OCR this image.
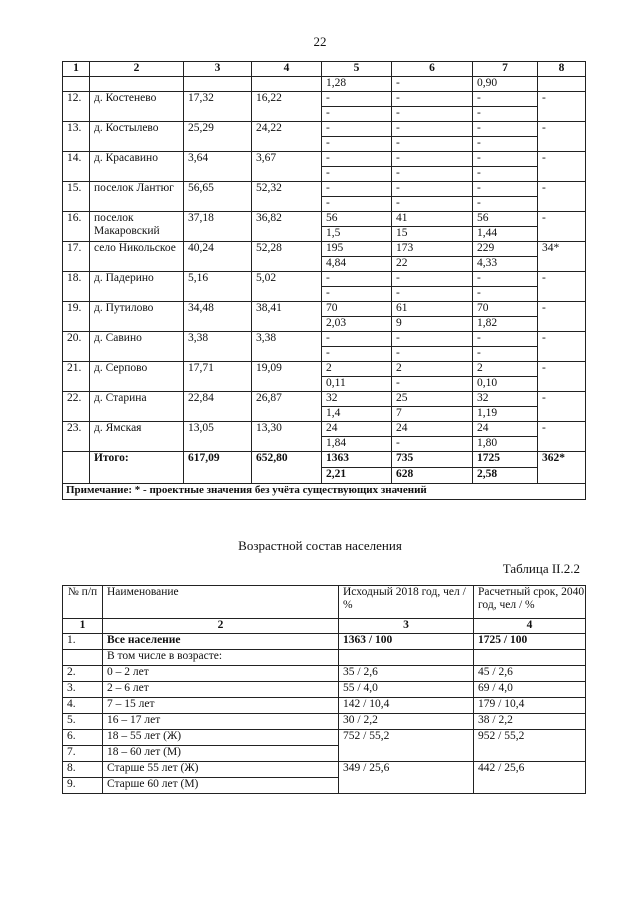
22
1	2	3	4	5	6	7	8
				1,28	-	0,90	
12.	д. Костенево	17,32	16,22	-	-	-	-
				-	-	-	
13.	д. Костылево	25,29	24,22	-	-	-	-
				-	-	-	
14.	д. Красавино	3,64	3,67	-	-	-	-
				-	-	-	
15.	поселок Лантюг	56,65	52,32	-	-	-	-
				-	-	-	
16.	поселок Макаровский	37,18	36,82	56	41	56	-
				1,5	15	1,44	
17.	село Никольское	40,24	52,28	195	173	229	34*
				4,84	22	4,33	
18.	д. Падерино	5,16	5,02	-	-	-	-
				-	-	-	
19.	д. Путилово	34,48	38,41	70	61	70	-
				2,03	9	1,82	
20.	д. Савино	3,38	3,38	-	-	-	-
				-	-	-	
21.	д. Серпово	17,71	19,09	2	2	2	-
				0,11	-	0,10	
22.	д. Старина	22,84	26,87	32	25	32	-
				1,4	7	1,19	
23.	д. Ямская	13,05	13,30	24	24	24	-
				1,84	-	1,80	
	Итого:	617,09	652,80	1363	735	1725	362*
				2,21	628	2,58	
Примечание: * - проектные значения без учёта существующих значений							
Возрастной состав населения
Таблица II.2.2
№ п/п	Наименование	Исходный 2018 год, чел / %	Расчетный срок, 2040 год, чел / %
1	2	3	4
1.	Все население	1363 / 100	1725 / 100
	В том числе в возрасте:		
2.	0 – 2 лет	35 / 2,6	45 / 2,6
3.	2 – 6 лет	55 / 4,0	69 / 4,0
4.	7 – 15 лет	142 / 10,4	179 / 10,4
5.	16 – 17 лет	30 / 2,2	38 / 2,2
6.	18 – 55 лет (Ж)	752 / 55,2	952 / 55,2
7.	18 – 60 лет (М)		
8.	Старше 55 лет (Ж)	349 / 25,6	442 / 25,6
9.	Старше 60 лет (М)		
